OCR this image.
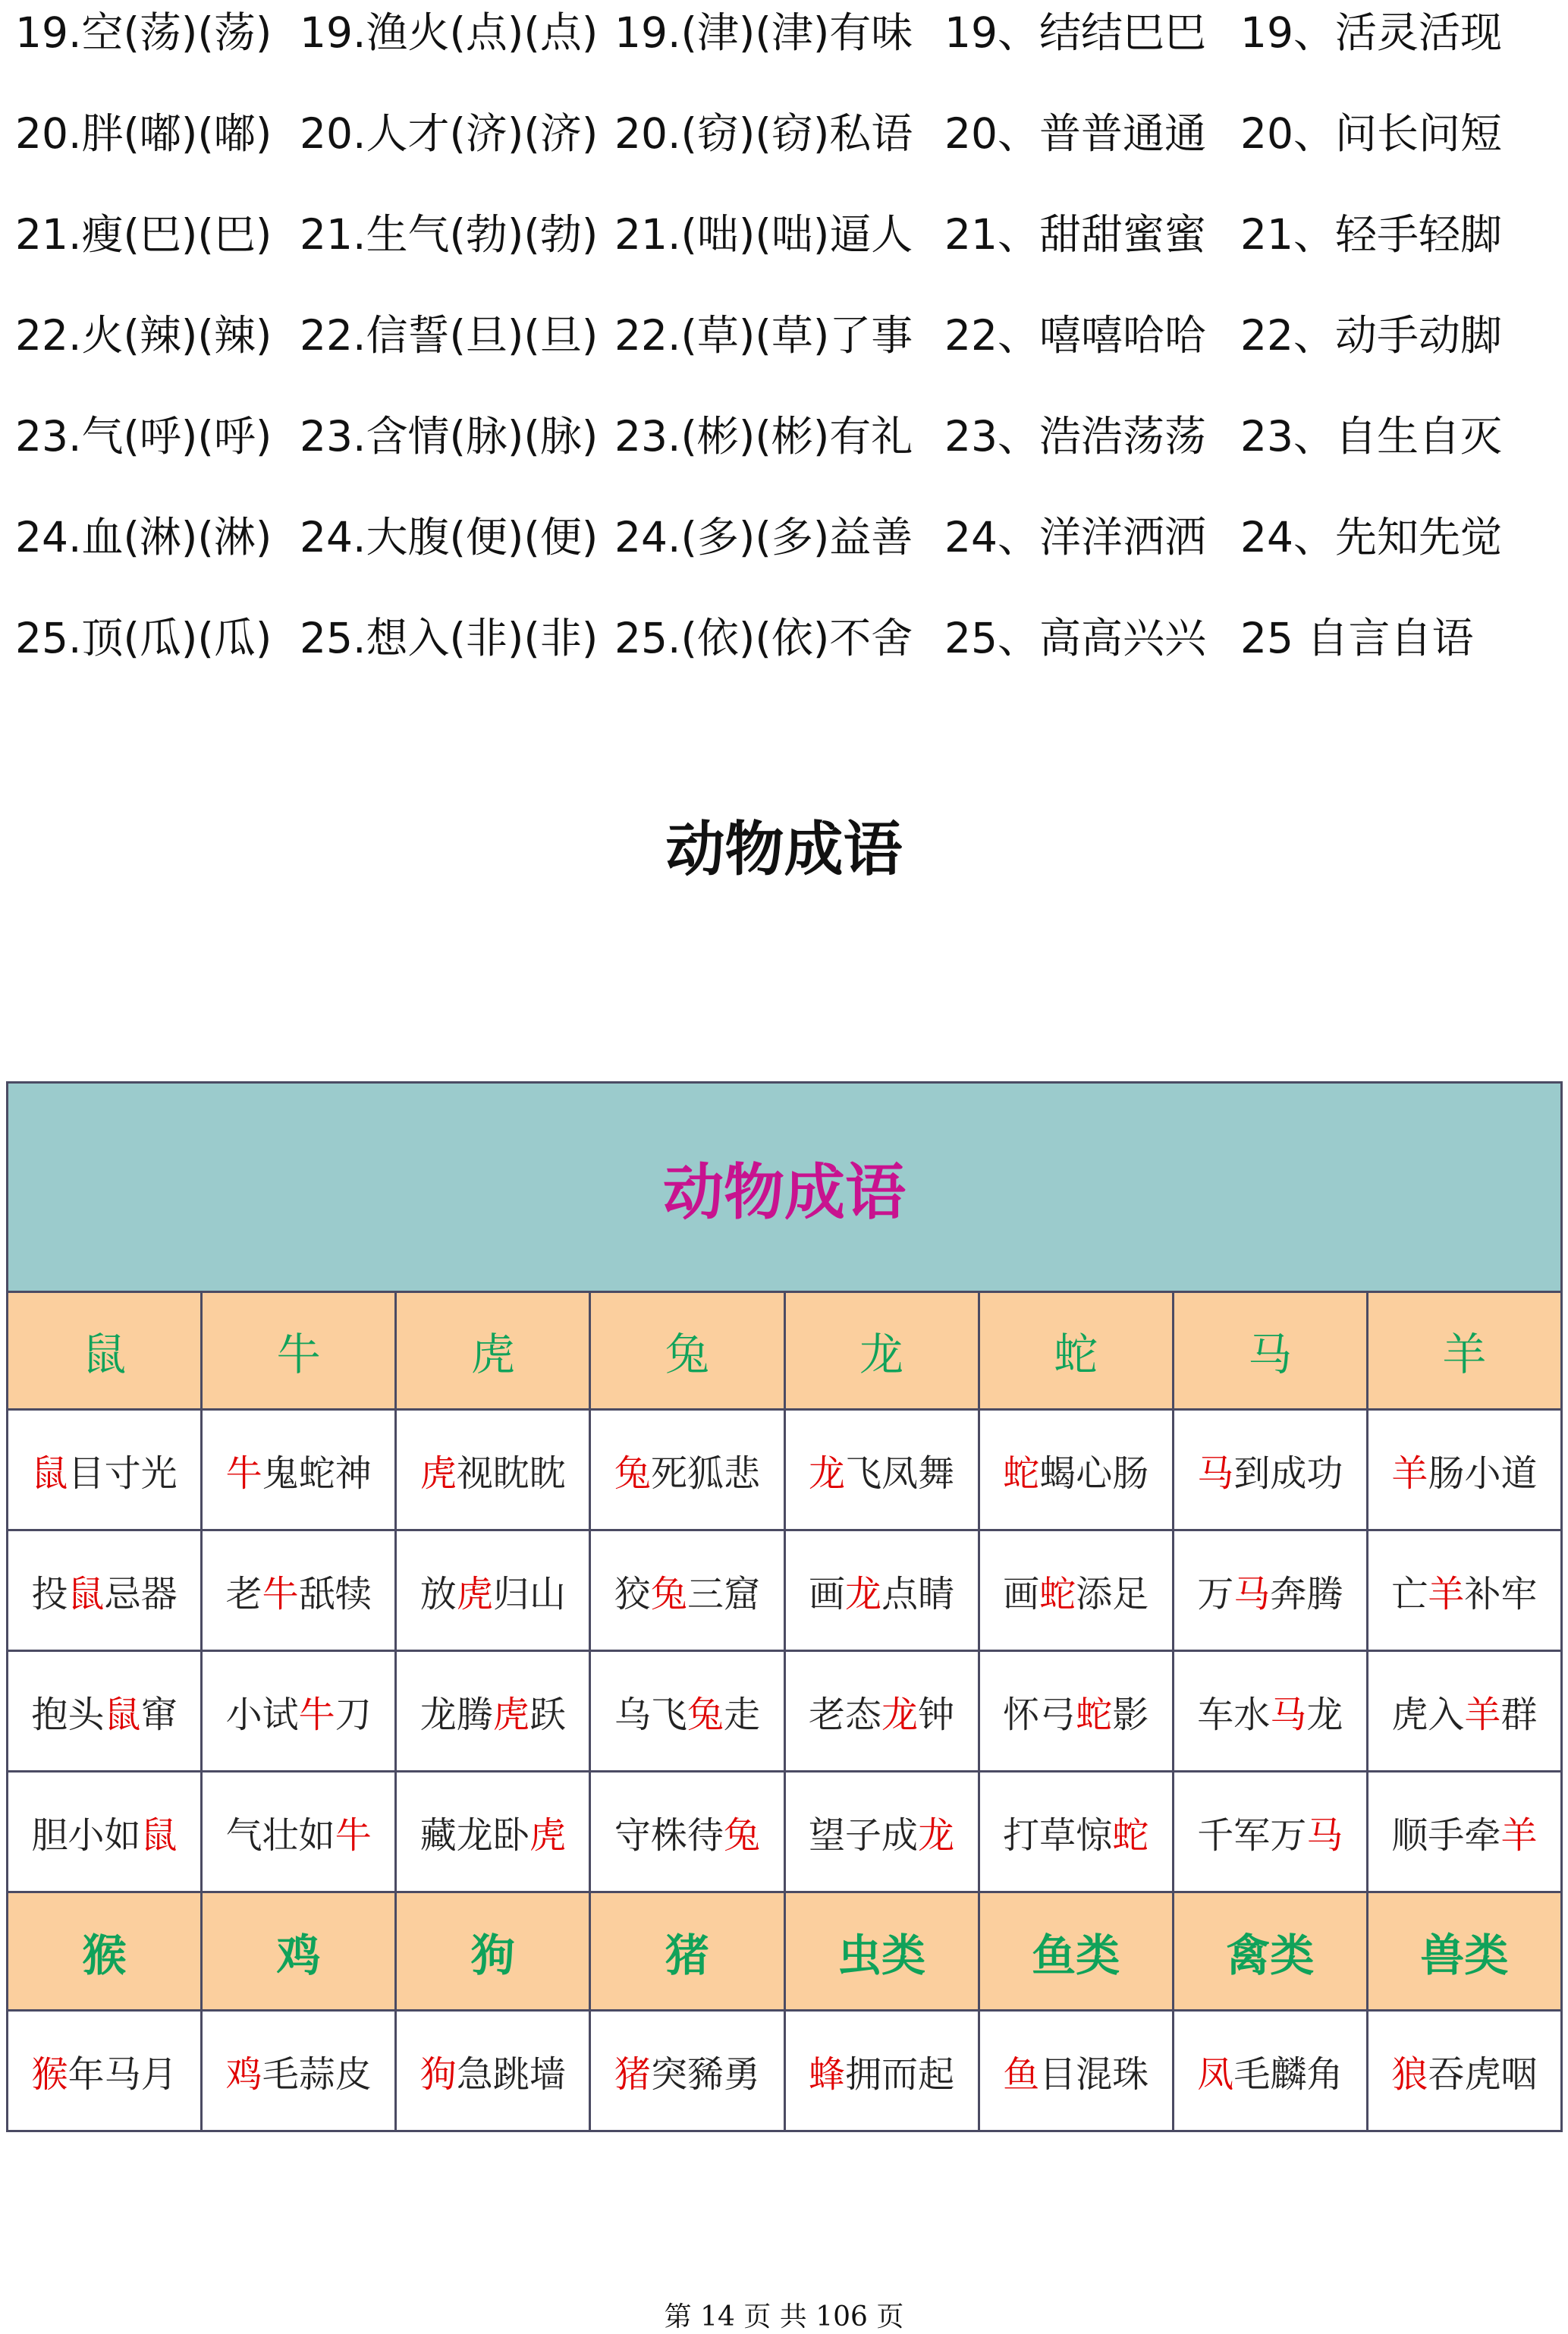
19.空(荡)(荡) 19.渔火(点)(点) 19.(津)(津)有味 19、结结巴巴 19、活灵活现
20.胖(嘟)(嘟) 20.人才(济)(济) 20.(窃)(窃)私语 20、普普通通 20、问长问短
21.瘦(巴)(巴) 21.生气(勃)(勃) 21.(咄)(咄)逼人 21、甜甜蜜蜜 21、轻手轻脚
22.火(辣)(辣) 22.信誓(旦)(旦) 22.(草)(草)了事 22、嘻嘻哈哈 22、动手动脚
23.气(呼)(呼) 23.含情(脉)(脉) 23.(彬)(彬)有礼 23、浩浩荡荡 23、自生自灭
24.血(淋)(淋) 24.大腹(便)(便) 24.(多)(多)益善 24、洋洋洒洒 24、先知先觉
25.顶(瓜)(瓜) 25.想入(非)(非) 25.(依)(依)不舍 25、高高兴兴 25 自言自语
动物成语
动物成语							
鼠	牛	虎	兔	龙	蛇	马	羊
鼠目寸光	牛鬼蛇神	虎视眈眈	兔死狐悲	龙飞凤舞	蛇蝎心肠	马到成功	羊肠小道
投鼠忌器	老牛舐犊	放虎归山	狡兔三窟	画龙点睛	画蛇添足	万马奔腾	亡羊补牢
抱头鼠窜	小试牛刀	龙腾虎跃	乌飞兔走	老态龙钟	怀弓蛇影	车水马龙	虎入羊群
胆小如鼠	气壮如牛	藏龙卧虎	守株待兔	望子成龙	打草惊蛇	千军万马	顺手牵羊
猴	鸡	狗	猪	虫类	鱼类	禽类	兽类
猴年马月	鸡毛蒜皮	狗急跳墙	猪突豨勇	蜂拥而起	鱼目混珠	凤毛麟角	狼吞虎咽
第 14 页 共 106 页
